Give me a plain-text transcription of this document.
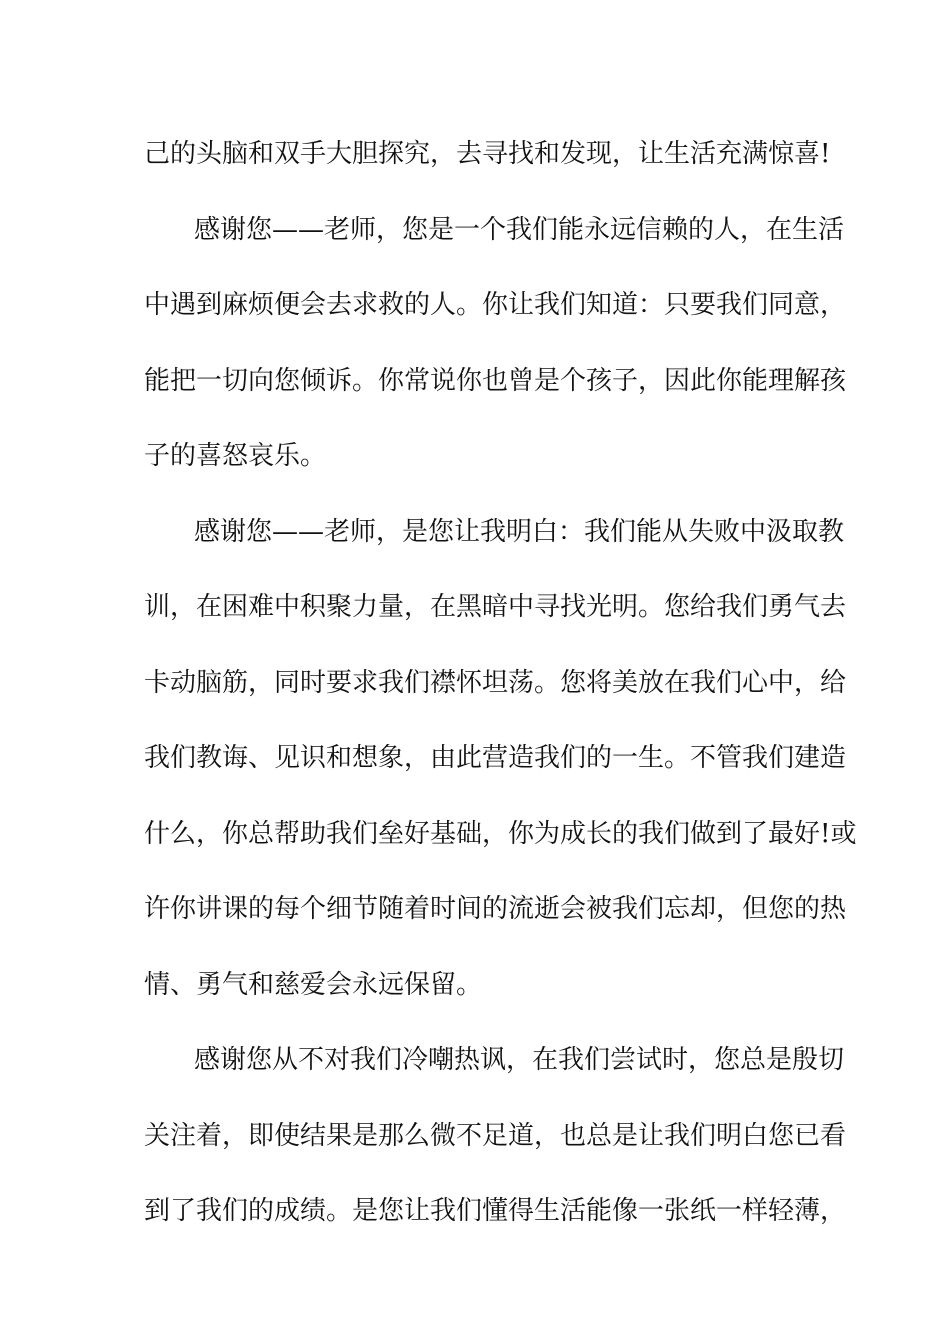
己的头脑和双手大胆探究，去寻找和发现，让生活充满惊喜!
感谢您——老师，您是一个我们能永远信赖的人，在生活
中遇到麻烦便会去求救的人。你让我们知道：只要我们同意，
能把一切向您倾诉。你常说你也曾是个孩子，因此你能理解孩
子的喜怒哀乐。
感谢您——老师，是您让我明白：我们能从失败中汲取教
训，在困难中积聚力量，在黑暗中寻找光明。您给我们勇气去
卡动脑筋，同时要求我们襟怀坦荡。您将美放在我们心中，给
我们教诲、见识和想象，由此营造我们的一生。不管我们建造
什么，你总帮助我们垒好基础，你为成长的我们做到了最好!或
许你讲课的每个细节随着时间的流逝会被我们忘却，但您的热
情、勇气和慈爱会永远保留。
感谢您从不对我们冷嘲热讽，在我们尝试时，您总是殷切
关注着，即使结果是那么微不足道，也总是让我们明白您已看
到了我们的成绩。是您让我们懂得生活能像一张纸一样轻薄，
